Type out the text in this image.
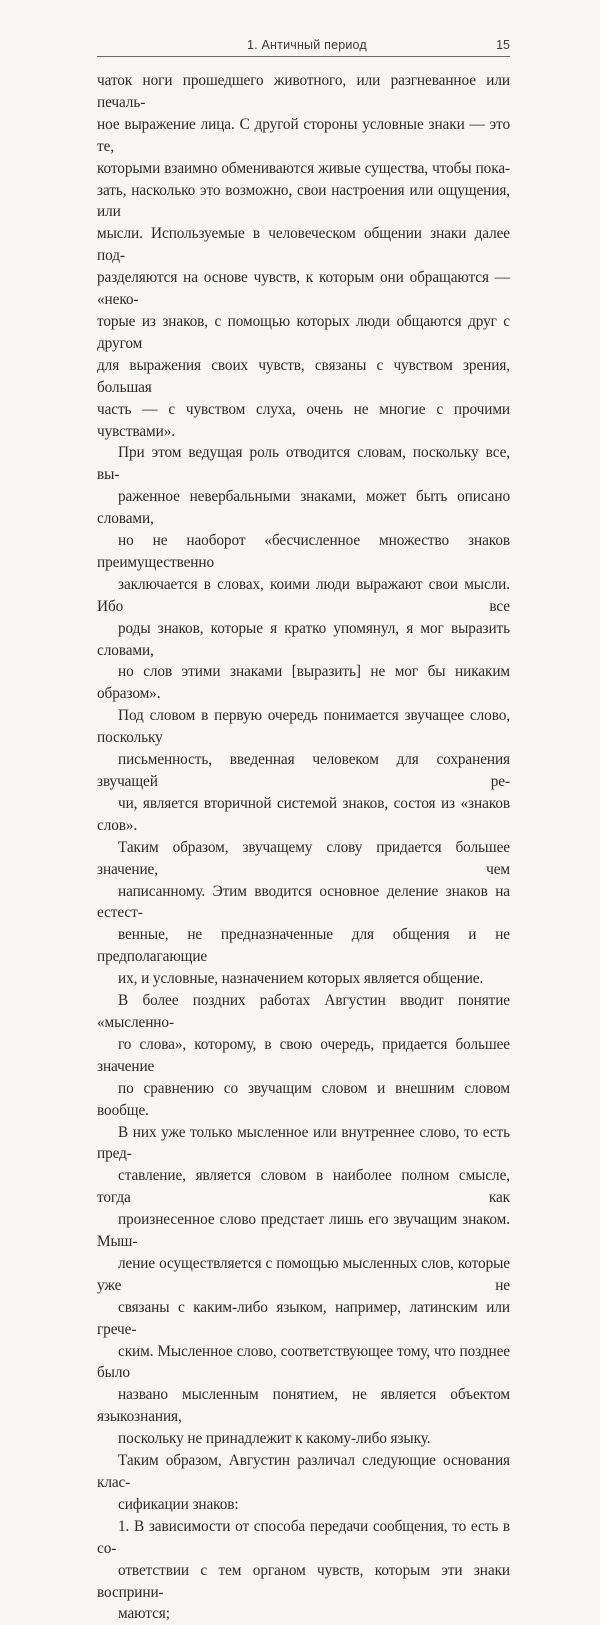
1. Античный период	15

чаток ноги прошедшего животного, или разгневанное или печаль-
ное выражение лица. С другой стороны условные знаки — это те,
которыми взаимно обмениваются живые существа, чтобы пока-
зать, насколько это возможно, свои настроения или ощущения, или
мысли. Используемые в человеческом общении знаки далее под-
разделяются на основе чувств, к которым они обращаются — «неко-
торые из знаков, с помощью которых люди общаются друг с другом
для выражения своих чувств, связаны с чувством зрения, большая
часть — с чувством слуха, очень не многие с прочими чувствами».

При этом ведущая роль отводится словам, поскольку все, вы-
раженное невербальными знаками, может быть описано словами,
но не наоборот «бесчисленное множество знаков преимущественно
заключается в словах, коими люди выражают свои мысли. Ибо все
роды знаков, которые я кратко упомянул, я мог выразить словами,
но слов этими знаками [выразить] не мог бы никаким образом».
Под словом в первую очередь понимается звучащее слово, поскольку
письменность, введенная человеком для сохранения звучащей ре-
чи, является вторичной системой знаков, состоя из «знаков слов».
Таким образом, звучащему слову придается большее значение, чем
написанному. Этим вводится основное деление знаков на естест-
венные, не предназначенные для общения и не предполагающие
их, и условные, назначением которых является общение.

В более поздних работах Августин вводит понятие «мысленно-
го слова», которому, в свою очередь, придается большее значение
по сравнению со звучащим словом и внешним словом вообще.
В них уже только мысленное или внутреннее слово, то есть пред-
ставление, является словом в наиболее полном смысле, тогда как
произнесенное слово предстает лишь его звучащим знаком. Мыш-
ление осуществляется с помощью мысленных слов, которые уже не
связаны с каким-либо языком, например, латинским или грече-
ским. Мысленное слово, соответствующее тому, что позднее было
названо мысленным понятием, не является объектом языкознания,
поскольку не принадлежит к какому-либо языку.

Таким образом, Августин различал следующие основания клас-
сификации знаков:

1. В зависимости от способа передачи сообщения, то есть в со-
ответствии с тем органом чувств, которым эти знаки восприни-
маются;
